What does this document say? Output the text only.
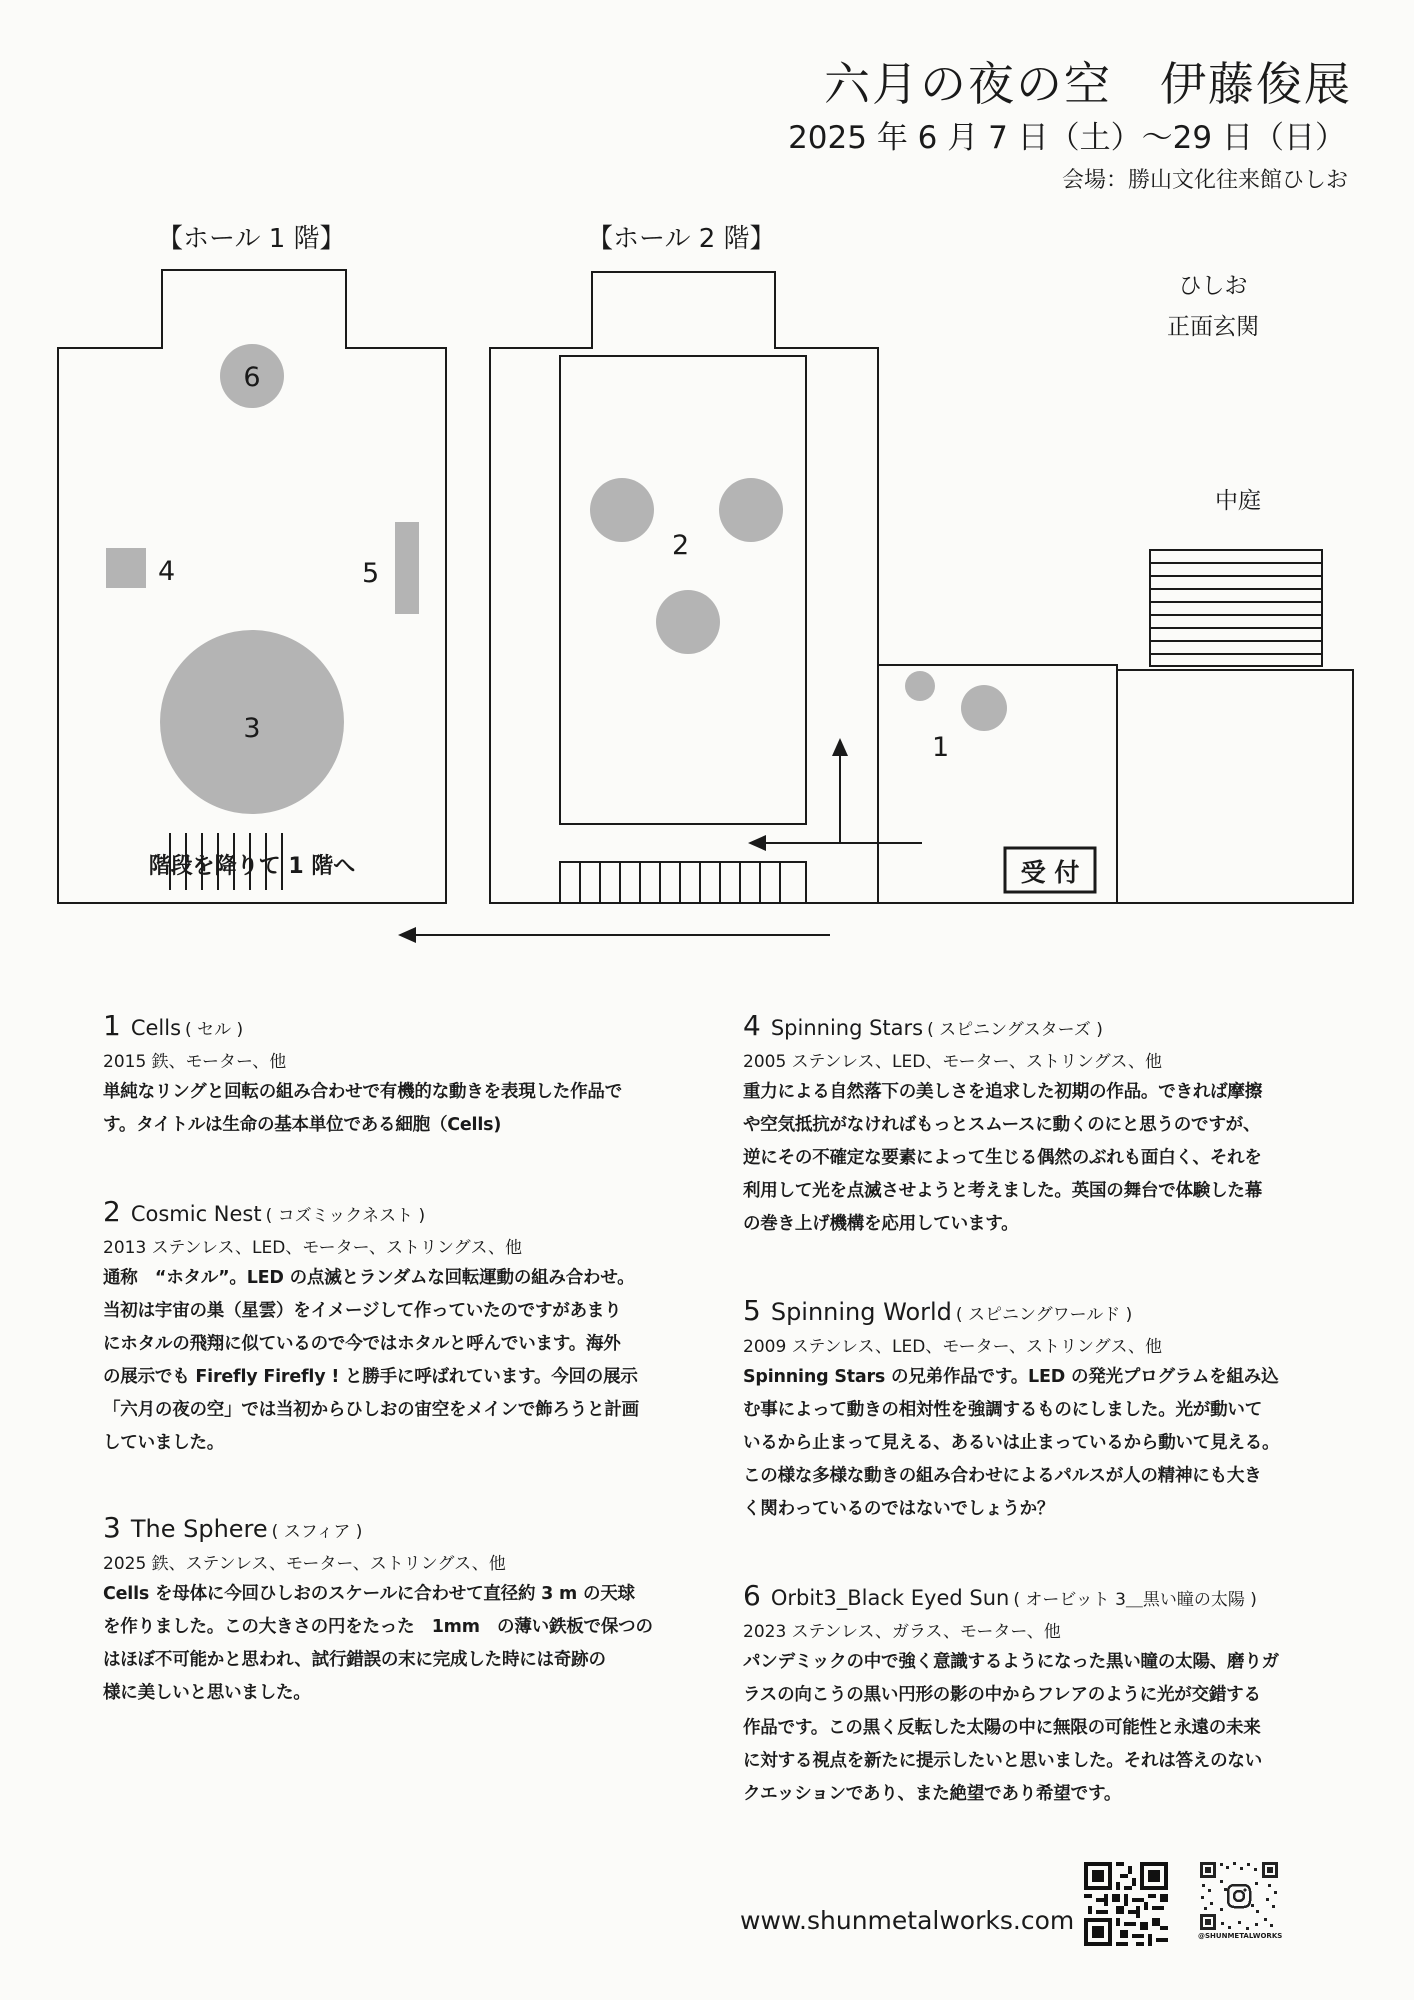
六月の夜の空　伊藤俊展
2025 年 6 月 7 日（土）〜29 日（日）
会場：勝山文化往来館ひしお
【ホール 1 階】	【ホール 2 階】
6
4	5
3
2
1
ひしお
正面玄関
中庭
階段を降りて 1 階へ	受 付
1 Cells ( セル )
2015 鉄、モーター、他

単純なリングと回転の組み合わせで有機的な動きを表現した作品で

す。タイトルは生命の基本単位である細胞（Cells)

2 Cosmic Nest ( コズミックネスト )
2013 ステンレス、LED、モーター、ストリングス、他

通称　“ホタル”。LED の点滅とランダムな回転運動の組み合わせ。

当初は宇宙の巣（星雲）をイメージして作っていたのですがあまり

にホタルの飛翔に似ているので今ではホタルと呼んでいます。海外

の展示でも Firefly Firefly ! と勝手に呼ばれています。今回の展示

「六月の夜の空」では当初からひしおの宙空をメインで飾ろうと計画

していました。

3 The Sphere ( スフィア )
2025 鉄、ステンレス、モーター、ストリングス、他

Cells を母体に今回ひしおのスケールに合わせて直径約 3 m の天球

を作りました。この大きさの円をたった　1mm　の薄い鉄板で保つの

はほぼ不可能かと思われ、試行錯誤の末に完成した時には奇跡の

様に美しいと思いました。

4 Spinning Stars ( スピニングスターズ )
2005 ステンレス、LED、モーター、ストリングス、他

重力による自然落下の美しさを追求した初期の作品。できれば摩擦

や空気抵抗がなければもっとスムースに動くのにと思うのですが、

逆にその不確定な要素によって生じる偶然のぶれも面白く、それを

利用して光を点滅させようと考えました。英国の舞台で体験した幕

の巻き上げ機構を応用しています。

5 Spinning World ( スピニングワールド )
2009 ステンレス、LED、モーター、ストリングス、他

Spinning Stars の兄弟作品です。LED の発光プログラムを組み込

む事によって動きの相対性を強調するものにしました。光が動いて

いるから止まって見える、あるいは止まっているから動いて見える。

この様な多様な動きの組み合わせによるパルスが人の精神にも大き

く関わっているのではないでしょうか？

6 Orbit3_Black Eyed Sun ( オービット 3＿黒い瞳の太陽 )
2023 ステンレス、ガラス、モーター、他

パンデミックの中で強く意識するようになった黒い瞳の太陽、磨りガ

ラスの向こうの黒い円形の影の中からフレアのように光が交錯する

作品です。この黒く反転した太陽の中に無限の可能性と永遠の未来

に対する視点を新たに提示したいと思いました。それは答えのない

クエッションであり、また絶望であり希望です。

www.shunmetalworks.com
@SHUNMETALWORKS
